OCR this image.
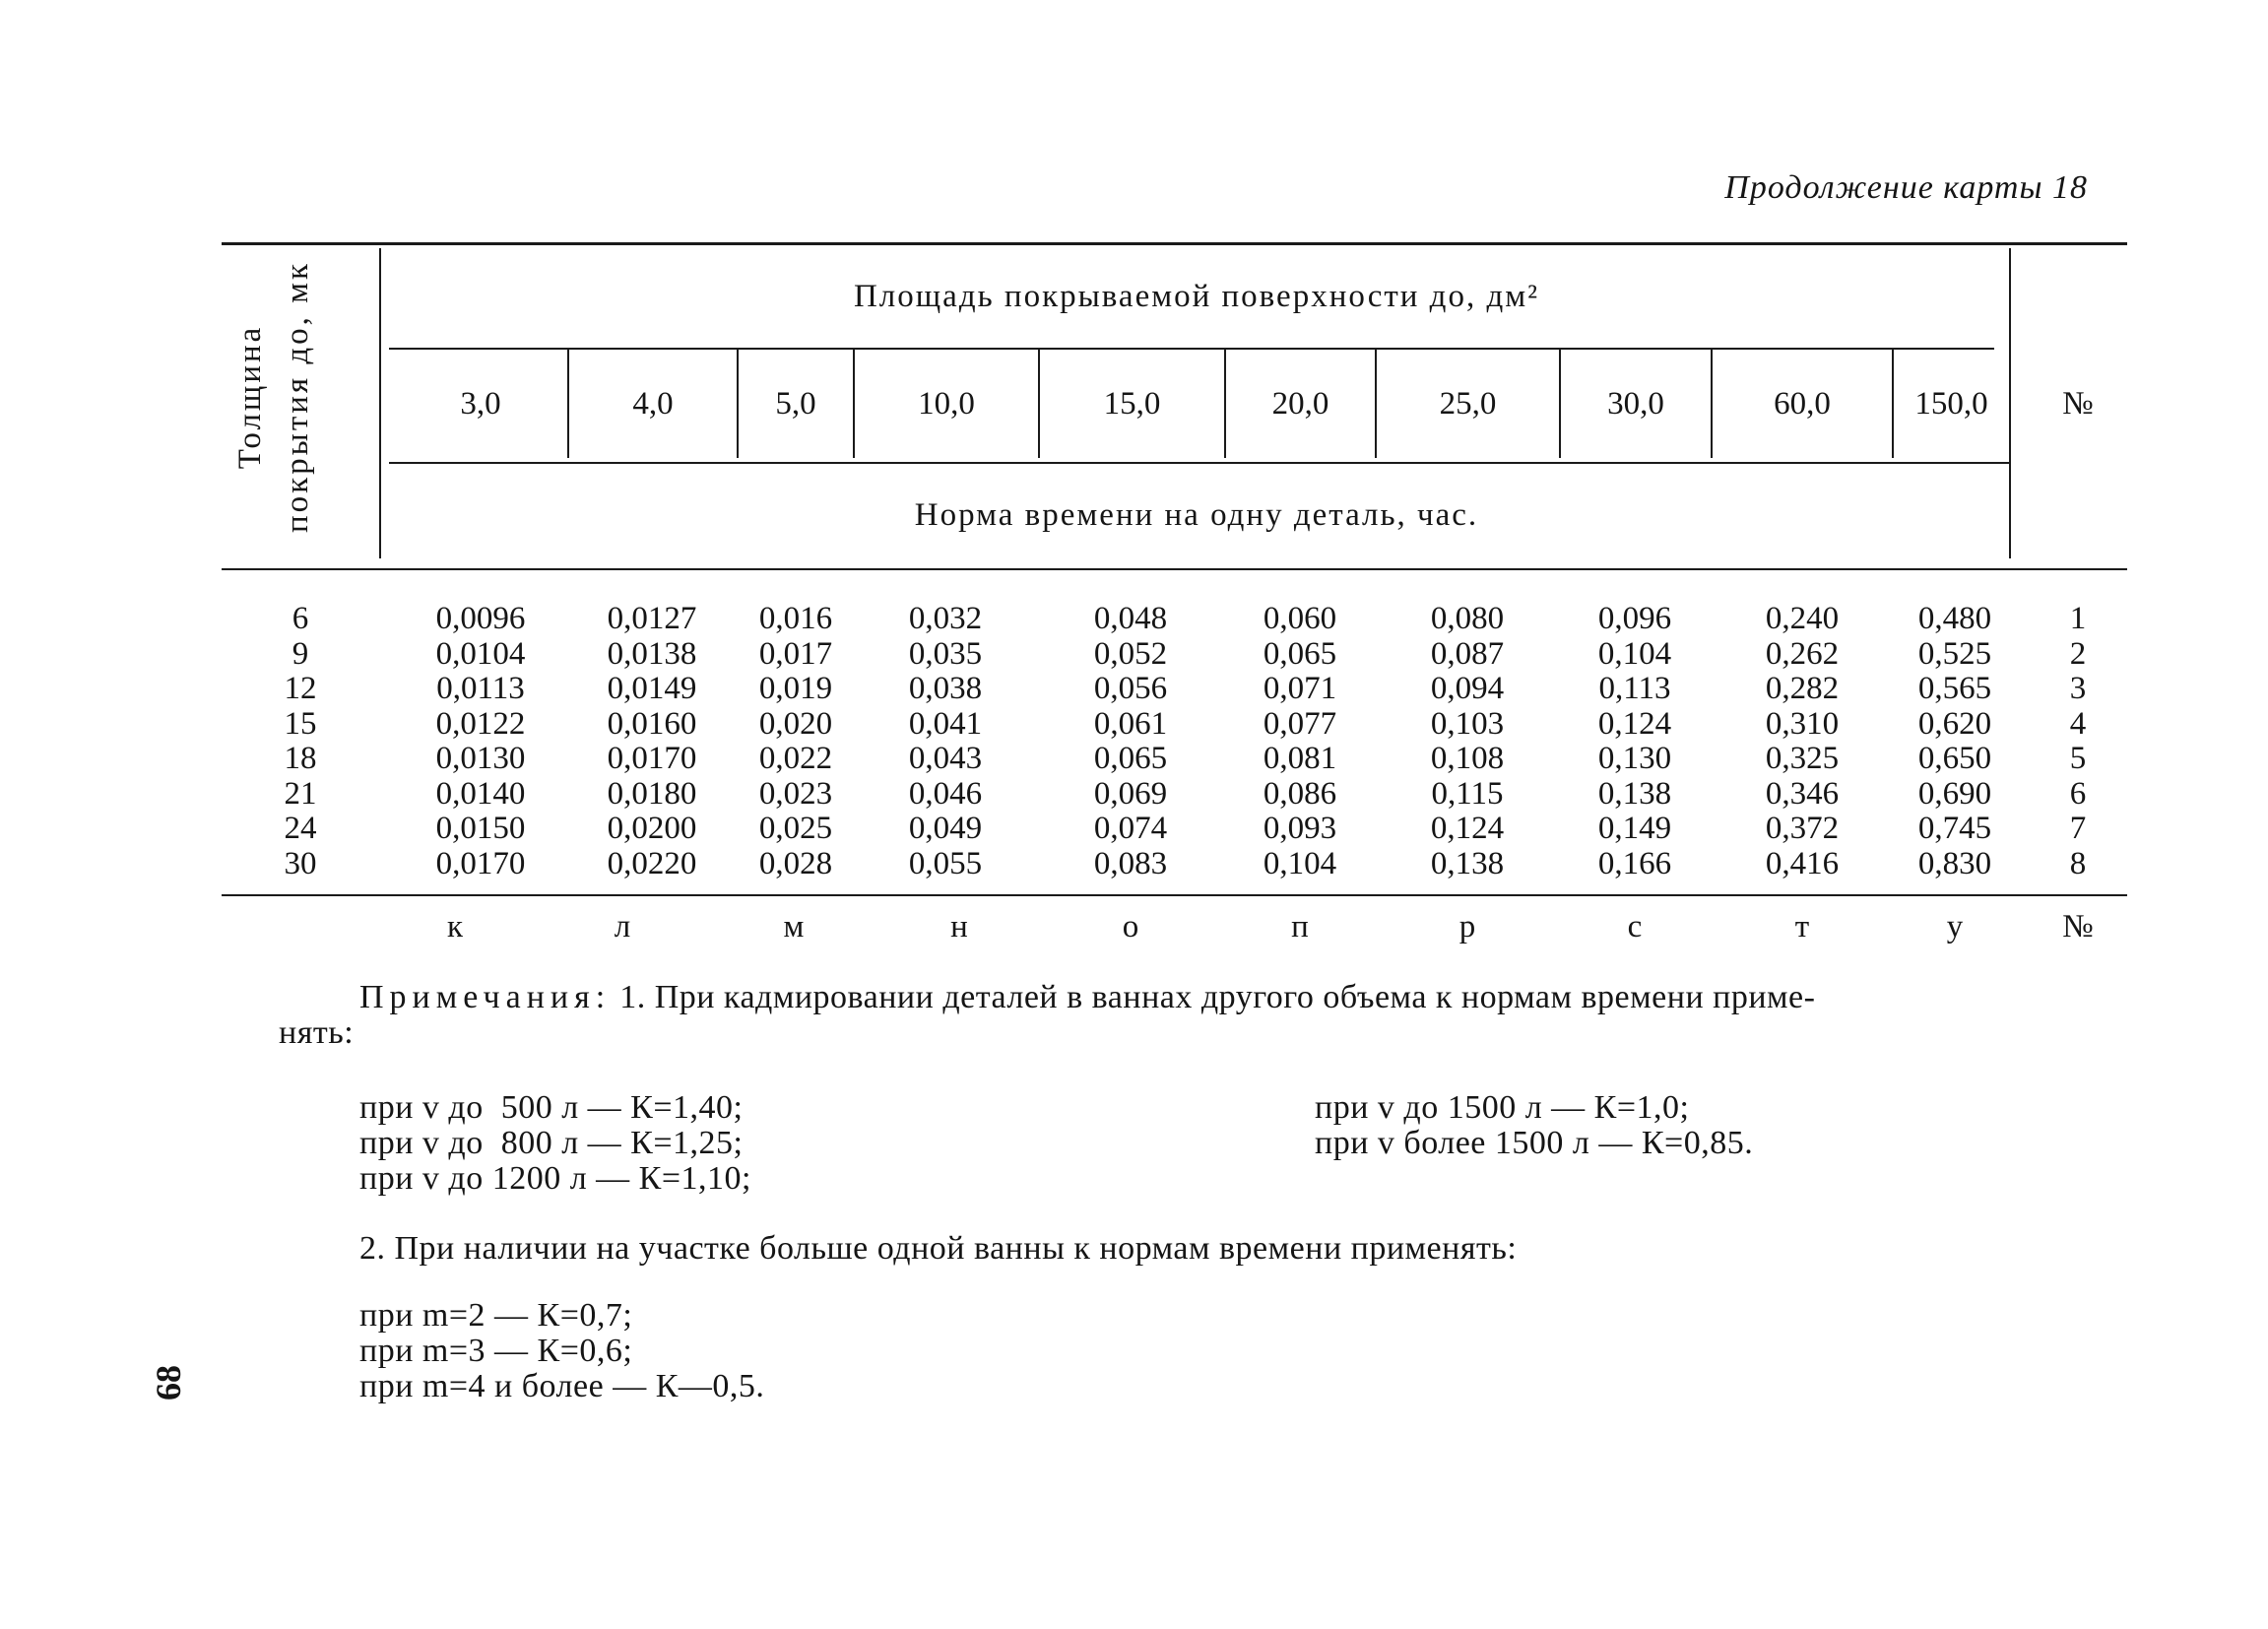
Продолжение карты 18
Толщина покрытия до, мк	Площадь покрываемой поверхности до, дм²
Норма времени на одну деталь, час.
№
3,0	4,0	5,0	10,0	15,0	20,0	25,0	30,0	60,0	150,0
6	0,0096	0,0127	0,016	0,032	0,048	0,060	0,080	0,096	0,240	0,480	1
9	0,0104	0,0138	0,017	0,035	0,052	0,065	0,087	0,104	0,262	0,525	2
12	0,0113	0,0149	0,019	0,038	0,056	0,071	0,094	0,113	0,282	0,565	3
15	0,0122	0,0160	0,020	0,041	0,061	0,077	0,103	0,124	0,310	0,620	4
18	0,0130	0,0170	0,022	0,043	0,065	0,081	0,108	0,130	0,325	0,650	5
21	0,0140	0,0180	0,023	0,046	0,069	0,086	0,115	0,138	0,346	0,690	6
24	0,0150	0,0200	0,025	0,049	0,074	0,093	0,124	0,149	0,372	0,745	7
30	0,0170	0,0220	0,028	0,055	0,083	0,104	0,138	0,166	0,416	0,830	8
к	л	м	н	о	п	р	с	т	у	№
Примечания: 1. При кадмировании деталей в ваннах другого объема к нормам времени приме-
нять:
при v до  500 л — К=1,40;
при v до  800 л — К=1,25;
при v до 1200 л — К=1,10;
при v до 1500 л — К=1,0;
при v более 1500 л — К=0,85.
2. При наличии на участке больше одной ванны к нормам времени применять:
при m=2 — К=0,7;
при m=3 — К=0,6;
при m=4 и более — К—0,5.
68
